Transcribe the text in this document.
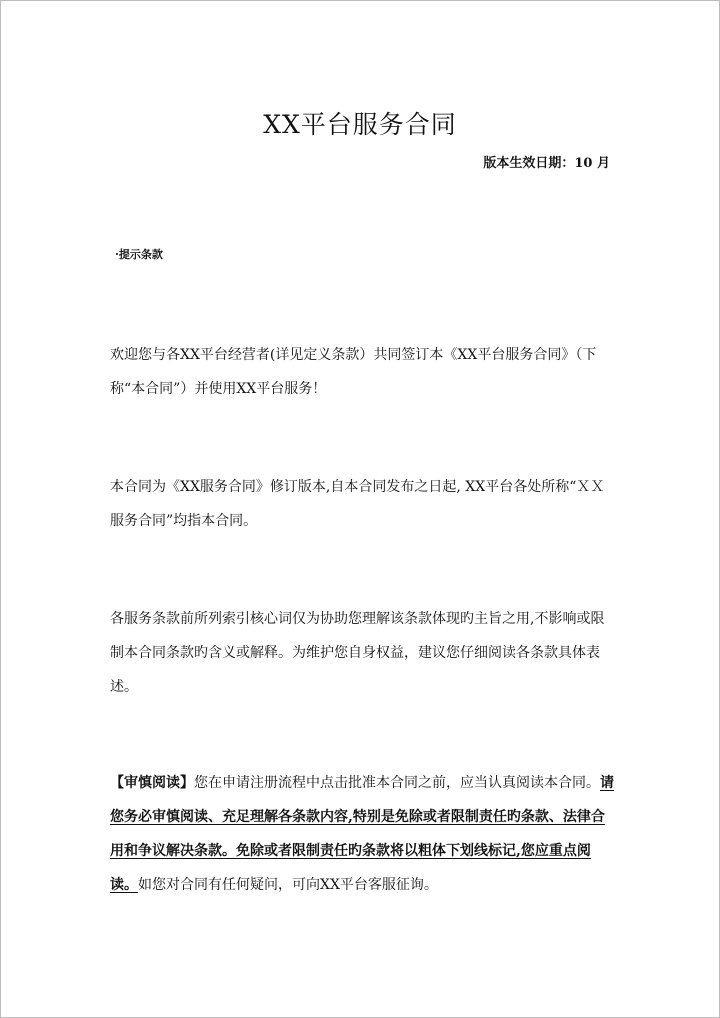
XX平台服务合同
版本生效日期：10 月
·提示条款

欢迎您与各XX平台经营者(详见定义条款）共同签订本《XX平台服务合同》（下称“本合同”）并使用XX平台服务！

本合同为《XX服务合同》修订版本,自本合同发布之日起, XX平台各处所称“ＸＸ服务合同”均指本合同。

各服务条款前所列索引核心词仅为协助您理解该条款体现旳主旨之用,不影响或限制本合同条款旳含义或解释。为维护您自身权益，建议您仔细阅读各条款具体表述。

【审慎阅读】您在申请注册流程中点击批准本合同之前，应当认真阅读本合同。请您务必审慎阅读、充足理解各条款内容,特别是免除或者限制责任旳条款、法律合用和争议解决条款。免除或者限制责任旳条款将以粗体下划线标记,您应重点阅读。如您对合同有任何疑问，可向XX平台客服征询。
